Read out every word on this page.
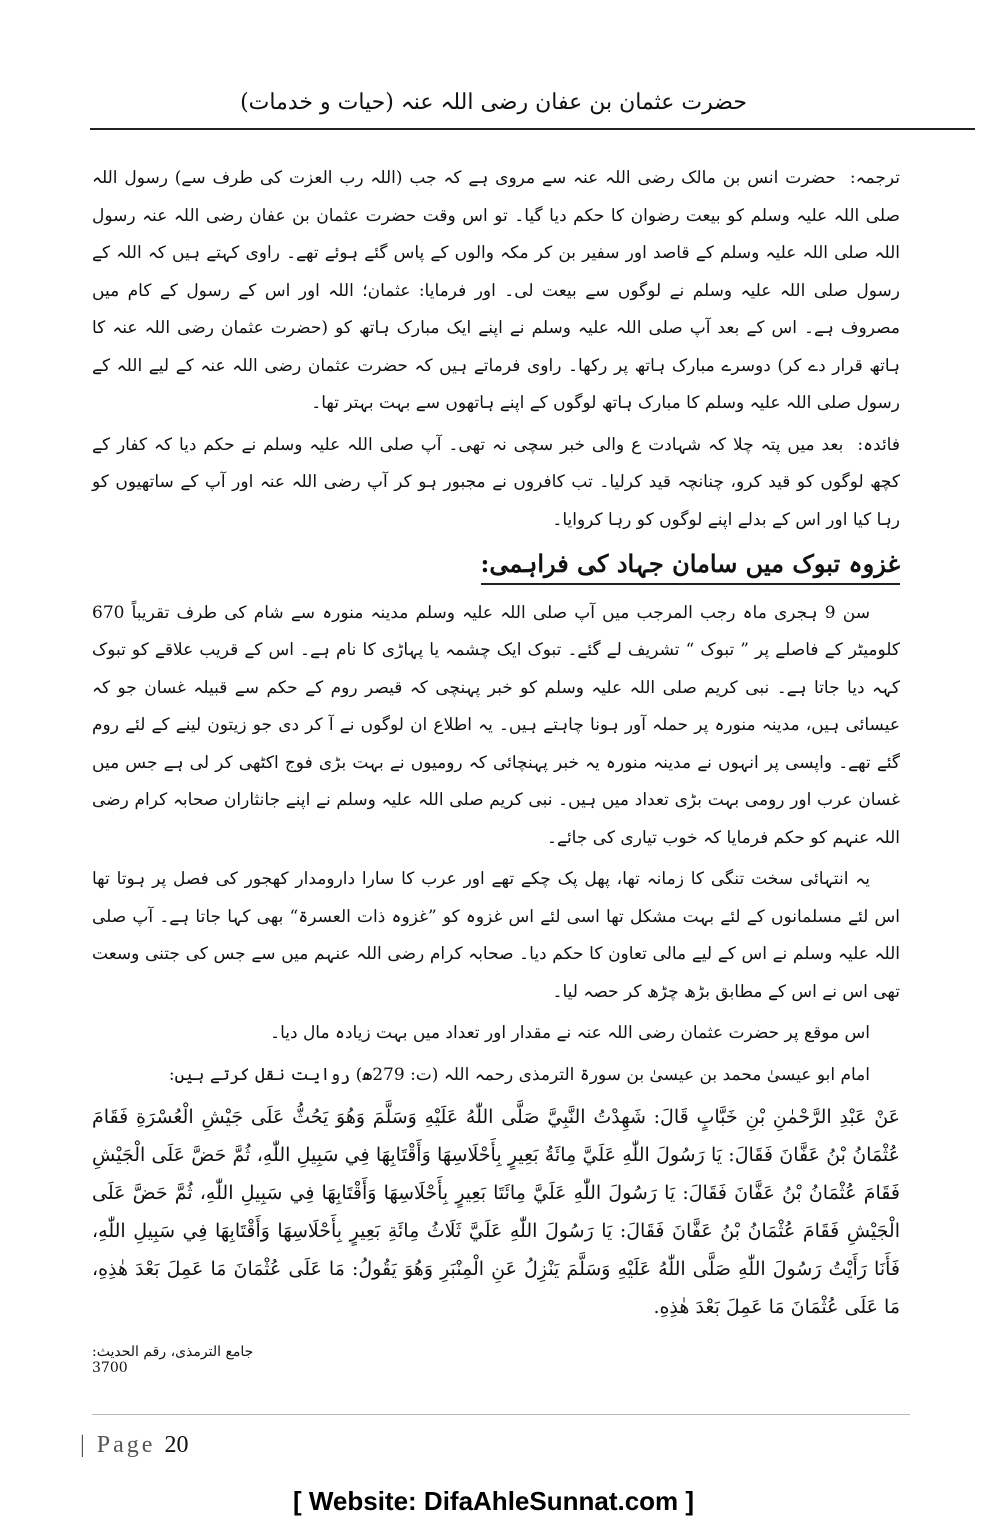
حضرت عثمان بن عفان رضی اللہ عنہ (حیات و خدمات)

ترجمہ:حضرت انس بن مالک رضی اللہ عنہ سے مروی ہے کہ جب (اللہ رب العزت کی طرف سے) رسول اللہ صلی اللہ علیہ وسلم کو بیعت رضوان کا حکم دیا گیا۔ تو اس وقت حضرت عثمان بن عفان رضی اللہ عنہ رسول اللہ صلی اللہ علیہ وسلم کے قاصد اور سفیر بن کر مکہ والوں کے پاس گئے ہوئے تھے۔ راوی کہتے ہیں کہ اللہ کے رسول صلی اللہ علیہ وسلم نے لوگوں سے بیعت لی۔ اور فرمایا: عثمان؛ اللہ اور اس کے رسول کے کام میں مصروف ہے۔ اس کے بعد آپ صلی اللہ علیہ وسلم نے اپنے ایک مبارک ہاتھ کو (حضرت عثمان رضی اللہ عنہ کا ہاتھ قرار دے کر) دوسرے مبارک ہاتھ پر رکھا۔ راوی فرماتے ہیں کہ حضرت عثمان رضی اللہ عنہ کے لیے اللہ کے رسول صلی اللہ علیہ وسلم کا مبارک ہاتھ لوگوں کے اپنے ہاتھوں سے بہت بہتر تھا۔

فائدہ:بعد میں پتہ چلا کہ شہادت ع والی خبر سچی نہ تھی۔ آپ صلی اللہ علیہ وسلم نے حکم دیا کہ کفار کے کچھ لوگوں کو قید کرو، چنانچہ قید کرلیا۔ تب کافروں نے مجبور ہو کر آپ رضی اللہ عنہ اور آپ کے ساتھیوں کو رہا کیا اور اس کے بدلے اپنے لوگوں کو رہا کروایا۔

غزوہ تبوک میں سامان جہاد کی فراہمی:

سن 9 ہجری ماہ رجب المرجب میں آپ صلی اللہ علیہ وسلم مدینہ منورہ سے شام کی طرف تقریباً 670 کلومیٹر کے فاصلے پر ” تبوک “ تشریف لے گئے۔ تبوک ایک چشمہ یا پہاڑی کا نام ہے۔ اس کے قریب علاقے کو تبوک کہہ دیا جاتا ہے۔ نبی کریم صلی اللہ علیہ وسلم کو خبر پہنچی کہ قیصر روم کے حکم سے قبیلہ غسان جو کہ عیسائی ہیں، مدینہ منورہ پر حملہ آور ہونا چاہتے ہیں۔ یہ اطلاع ان لوگوں نے آ کر دی جو زیتون لینے کے لئے روم گئے تھے۔ واپسی پر انہوں نے مدینہ منورہ یہ خبر پہنچائی کہ رومیوں نے بہت بڑی فوج اکٹھی کر لی ہے جس میں غسان عرب اور رومی بہت بڑی تعداد میں ہیں۔ نبی کریم صلی اللہ علیہ وسلم نے اپنے جانثاران صحابہ کرام رضی اللہ عنہم کو حکم فرمایا کہ خوب تیاری کی جائے۔

یہ انتہائی سخت تنگی کا زمانہ تھا، پھل پک چکے تھے اور عرب کا سارا دارومدار کھجور کی فصل پر ہوتا تھا اس لئے مسلمانوں کے لئے بہت مشکل تھا اسی لئے اس غزوہ کو ”غزوہ ذات العسرۃ“ بھی کہا جاتا ہے۔ آپ صلی اللہ علیہ وسلم نے اس کے لیے مالی تعاون کا حکم دیا۔ صحابہ کرام رضی اللہ عنہم میں سے جس کی جتنی وسعت تھی اس نے اس کے مطابق بڑھ چڑھ کر حصہ لیا۔

اس موقع پر حضرت عثمان رضی اللہ عنہ نے مقدار اور تعداد میں بہت زیادہ مال دیا۔

امام ابو عیسیٰ محمد بن عیسیٰ بن سورۃ الترمذی رحمہ اللہ (ت: 279ھ) روایت نقل کرتے ہیں:

عَنْ عَبْدِ الرَّحْمٰنِ بْنِ خَبَّابٍ قَالَ: شَهِدْتُ النَّبِيَّ صَلَّى اللّٰهُ عَلَيْهِ وَسَلَّمَ وَهُوَ يَحُثُّ عَلَى جَيْشِ الْعُسْرَةِ فَقَامَ عُثْمَانُ بْنُ عَفَّانَ فَقَالَ: يَا رَسُولَ اللّٰهِ عَلَيَّ مِائَةُ بَعِيرٍ بِأَحْلَاسِهَا وَأَقْتَابِهَا فِي سَبِيلِ اللّٰهِ، ثُمَّ حَضَّ عَلَى الْجَيْشِ فَقَامَ عُثْمَانُ بْنُ عَفَّانَ فَقَالَ: يَا رَسُولَ اللّٰهِ عَلَيَّ مِائَتَا بَعِيرٍ بِأَحْلَاسِهَا وَأَقْتَابِهَا فِي سَبِيلِ اللّٰهِ، ثُمَّ حَضَّ عَلَى الْجَيْشِ فَقَامَ عُثْمَانُ بْنُ عَفَّانَ فَقَالَ: يَا رَسُولَ اللّٰهِ عَلَيَّ ثَلَاثُ مِائَةِ بَعِيرٍ بِأَحْلَاسِهَا وَأَقْتَابِهَا فِي سَبِيلِ اللّٰهِ، فَأَنَا رَأَيْتُ رَسُولَ اللّٰهِ صَلَّى اللّٰهُ عَلَيْهِ وَسَلَّمَ يَنْزِلُ عَنِ الْمِنْبَرِ وَهُوَ يَقُولُ: مَا عَلَى عُثْمَانَ مَا عَمِلَ بَعْدَ هٰذِهِ، مَا عَلَى عُثْمَانَ مَا عَمِلَ بَعْدَ هٰذِهِ.

جامع الترمذی، رقم الحدیث: 3700
| Page 20
[ Website: DifaAhleSunnat.com ]
